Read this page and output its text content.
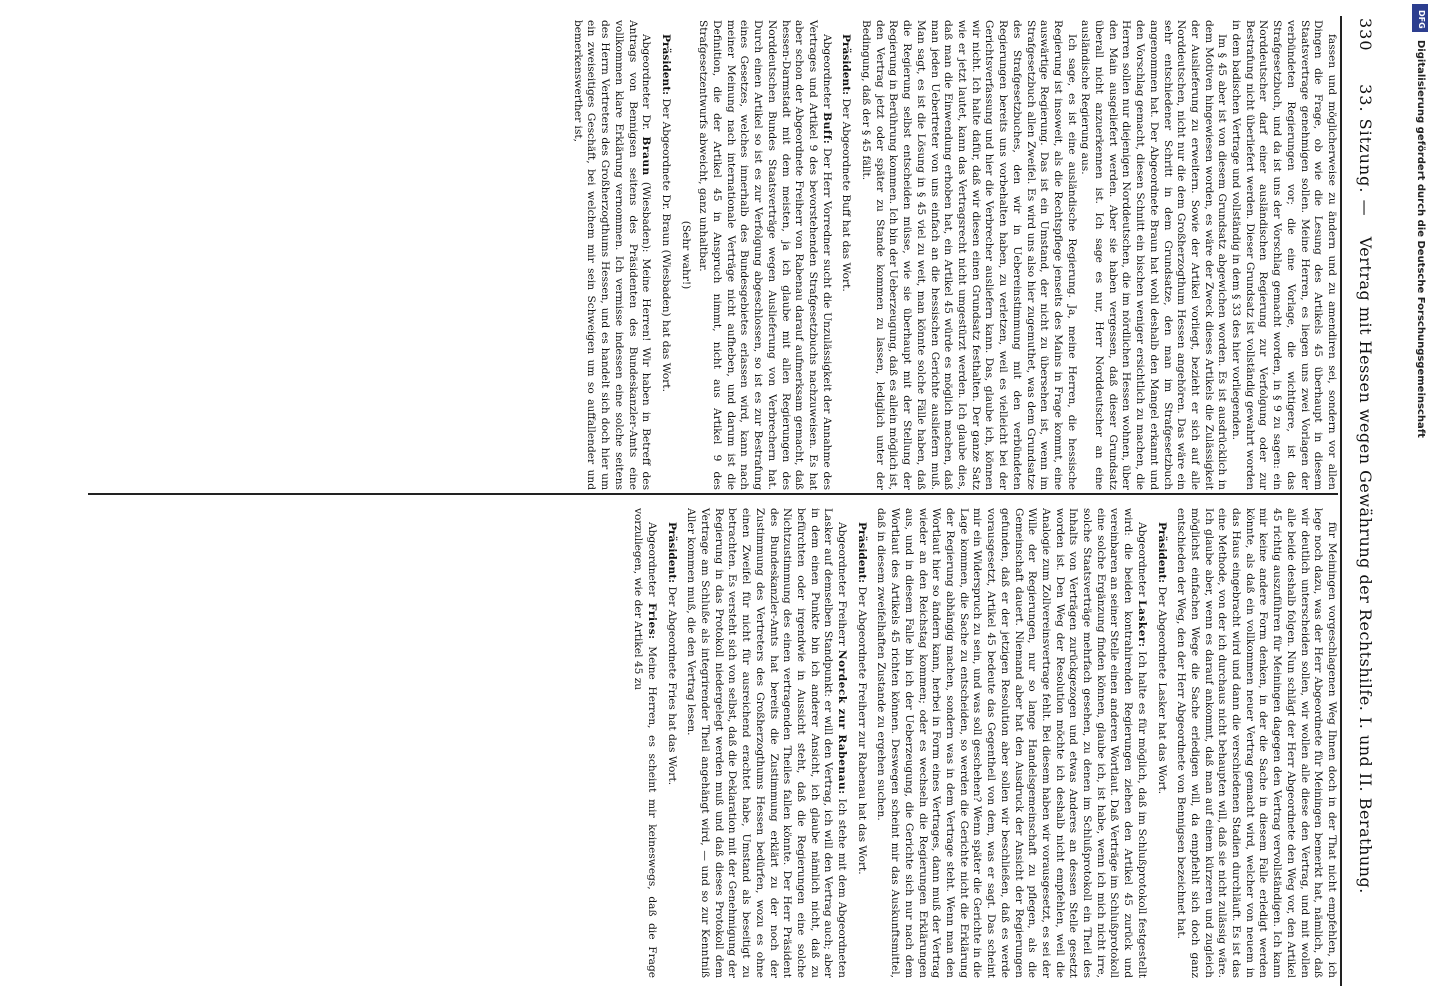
DFG
Digitalisierung gefördert durch die Deutsche Forschungsgemeinschaft
330 33. Sitzung. — Vertrag mit Hessen wegen Gewährung der Rechtshilfe. I. und II. Berathung.

für Meiningen vorgeschlagenen Weg Ihnen doch in der That nicht empfehlen, ich lege noch dazu, was der Herr Abgeordnete für Meiningen bemerkt hat, nämlich, daß wir deutlich unterscheiden sollen, wir wollen alle diese den Vertrag, und mit wollen alle beide deshalb folgen. Nun schlägt der Herr Abgeordnete den Weg vor, den Artikel 45 richtig auszuführen für Meiningen dagegen den Vertrag vervollständigen. Ich kann mir keine andere Form denken, in der die Sache in diesem Falle erledigt werden könnte, als daß ein vollkommen neuer Vertrag gemacht wird, welcher von neuem in das Haus eingebracht wird und dann die verschiedenen Stadien durchläuft. Es ist das eine Methode, von der ich durchaus nicht behaupten will, daß sie nicht zulässig wäre. Ich glaube aber, wenn es darauf ankommt, daß man auf einem kürzeren und zugleich möglichst einfachen Wege die Sache erledigen will, da empfiehlt sich doch ganz entschieden der Weg, den der Herr Abgeordnete von Bennigsen bezeichnet hat.

Präsident: Der Abgeordnete Lasker hat das Wort.

Abgeordneter Lasker: Ich halte es für möglich, daß im Schlußprotokoll festgestellt wird: die beiden kontrahirenden Regierungen ziehen den Artikel 45 zurück und vereinbaren an seiner Stelle einen anderen Wortlaut. Daß Verträge im Schlußprotokoll eine solche Ergänzung finden können, glaube ich, ist habe, wenn ich mich nicht irre, solche Staatsverträge mehrfach gesehen, zu denen im Schlußprotokoll ein Theil des Inhalts von Verträgen zurückgezogen und etwas Anderes an dessen Stelle gesetzt worden ist. Den Weg der Resolution möchte ich deshalb nicht empfehlen, weil die Analogie zum Zollvereinsvertrage fehlt. Bei diesem haben wir vorausgesetzt, es sei der Wille der Regierungen, nur so lange Handelsgemeinschaft zu pflegen, als die Gemeinschaft dauert. Niemand aber hat den Ausdruck der Ansicht der Regierungen gefunden, daß er der jetzigen Resolution aber sollen wir beschließen, daß es werde vorausgesetzt, Artikel 45 bedeute das Gegentheil von dem, was er sagt. Das scheint mir ein Widerspruch zu sein, und was soll geschehen? Wenn später die Gerichte in die Lage kommen, die Sache zu entscheiden, so werden die Gerichte nicht die Erklärung der Regierung abhängig machen, sondern was in dem Vertrage steht. Wenn man den Wortlaut hier so ändern kann, herbei in Form eines Vertrages, dann muß der Vertrag wieder an den Reichstag kommen; oder es wechseln die Regierungen Erklärungen aus, und in diesem Falle bin ich der Ueberzeugung, die Gerichte sich nur nach dem Wortlaut des Artikels 45 richten können. Deswegen scheint mir das Auskunftsmittel, daß in diesem zweifelhaften Zustande zu ergehen suchen.

Präsident: Der Abgeordnete Freiherr zur Rabenau hat das Wort.

Abgeordneter Freiherr Nordeck zur Rabenau: Ich stehe mit dem Abgeordneten Lasker auf demselben Standpunkt: er will den Vertrag, ich will den Vertrag auch; aber in dem einen Punkte bin ich anderer Ansicht, ich glaube nämlich nicht, daß zu befürchten oder irgendwie in Aussicht steht, daß die Regierungen eine solche Nichtzustimmung des einen vertragenden Theiles fallen könnte. Der Herr Präsident des Bundeskanzler-Amts hat bereits die Zustimmung erklärt zu der noch der Zustimmung des Vertreters des Großherzogthums Hessen bedürfen, wozu es ohne einen Zweifel für nicht für ausreichend erachtet habe, Umstand als beseitigt zu betrachten. Es versteht sich von selbst, daß die Deklaration mit der Genehmigung der Regierung in das Protokoll niedergelegt werden muß und daß dieses Protokoll dem Vertrage am Schluße als integrirender Theil angehängt wird, — und so zur Kenntniß Aller kommen muß, die den Vertrag lesen.

Präsident: Der Abgeordnete Fries hat das Wort.

Abgeordneter Fries: Meine Herren, es scheint mir keineswegs, daß die Frage vorzuliegen, wie der Artikel 45 zu

fassen und möglicherweise zu ändern und zu amendiren sei, sondern vor allen Dingen die Frage, ob wie die Lesung des Artikels 45 überhaupt in diesem Staatsvertrage genehmigen sollen. Meine Herren, es liegen uns zwei Vorlagen der verbündeten Regierungen vor; die eine Vorlage, die wichtigere, ist das Strafgesetzbuch, und da ist uns der Vorschlag gemacht worden, in § 9 zu sagen: ein Norddeutscher darf einer ausländischen Regierung zur Verfolgung oder zur Bestrafung nicht überliefert werden. Dieser Grundsatz ist vollständig gewahrt worden in dem badischen Vertrage und vollständig in dem § 33 des hier vorliegenden.

Im § 45 aber ist von diesem Grundsatz abgewichen worden. Es ist ausdrücklich in dem Motiven hingewiesen worden, es wäre der Zweck dieses Artikels die Zulässigkeit der Auslieferung zu erweitern. Sowie der Artikel vorliegt, bezieht er sich auf alle Norddeutschen, nicht nur die dem Großherzogthum Hessen angehören. Das wäre ein sehr entschiedener Schritt in dem Grundsatze, den man im Strafgesetzbuch angenommen hat. Der Abgeordnete Braun hat wohl deshalb den Mangel erkannt und den Vorschlag gemacht, diesen Schnitt ein bischen weniger ersichtlich zu machen, die Herren sollen nur diejenigen Norddeutschen, die im nördlichen Hessen wohnen, über den Main ausgeliefert werden. Aber sie haben vergessen, daß dieser Grundsatz überall nicht anzuerkennen ist. Ich sage es nur, Herr Norddeutscher an eine ausländische Regierung aus.

Ich sage, es ist eine ausländische Regierung. Ja, meine Herren, die hessische Regierung ist insoweit, als die Rechtspflege jenseits des Mains in Frage kommt, eine auswärtige Regierung. Das ist ein Umstand, der nicht zu übersehen ist, wenn im Strafgesetzbuch allen Zweifel. Es wird uns also hier zugemuthet, was dem Grundsatze des Strafgesetzbuches, den wir in Uebereinstimmung mit den verbündeten Regierungen bereits uns vorbehalten haben, zu verletzen, weil es vielleicht bei der Gerichtsverfassung und hier die Verbrecher ausliefern kann. Das, glaube ich, können wir nicht. Ich halte dafür, daß wir diesen einen Grundsatz festhalten. Der ganze Satz wie er jetzt lautet, kann das Vertragsrecht nicht umgestürzt werden. Ich glaube dies, daß man die Einwendung erhoben hat, ein Artikel 45 würde es möglich machen, daß man jeden Uebertreter von uns einfach an die hessischen Gerichte ausliefern muß. Man sagt, es ist die Lösung in § 45 viel zu weit, man könnte solche Fälle haben, daß die Regierung selbst entscheiden müsse, wie sie überhaupt mit der Stellung der Regierung in Berührung kommen. Ich bin der Ueberzeugung, daß es allein möglich ist, den Vertrag jetzt oder später zu Stande kommen zu lassen, lediglich unter der Bedingung, daß der § 45 fällt.

Präsident: Der Abgeordnete Buff hat das Wort.

Abgeordneter Buff: Der Herr Vorredner sucht die Unzulässigkeit der Annahme des Vertrages und Artikel 9 des bevorstehenden Strafgesetzbuchs nachzuweisen. Es hat aber schon der Abgeordnete Freiherr von Rabenau darauf aufmerksam gemacht, daß hessen-Darmstadt mit dem meisten, ja ich glaube mit allen Regierungen des Norddeutschen Bundes Staatsverträge wegen Auslieferung von Verbrechern hat. Durch einen Artikel so ist es zur Verfolgung abgeschlossen, so ist es zur Bestrafung eines Gesetzes, welches innerhalb des Bundesgebietes erlassen wird, kann nach meiner Meinung nach internationale Verträge nicht aufheben, und darum ist die Definition, die der Artikel 45 in Anspruch nimmt, nicht aus Artikel 9 des Strafgesetzentwurfs abweicht, ganz unhaltbar.

(Sehr wahr!)

Präsident: Der Abgeordnete Dr. Braun (Wiesbaden) hat das Wort.

Abgeordneter Dr. Braun (Wiesbaden): Meine Herren! Wir haben in Betreff des Antrags von Bennigsen seitens des Präsidenten des Bundeskanzler-Amts eine vollkommen klare Erklärung vernommen. Ich vermisse indessen eine solche seitens des Herrn Vertreters des Großherzogthums Hessen, und es handelt sich doch hier um ein zweiseitiges Geschäft, bei welchem mir sein Schweigen um so auffallender und bemerkenswerther ist,
